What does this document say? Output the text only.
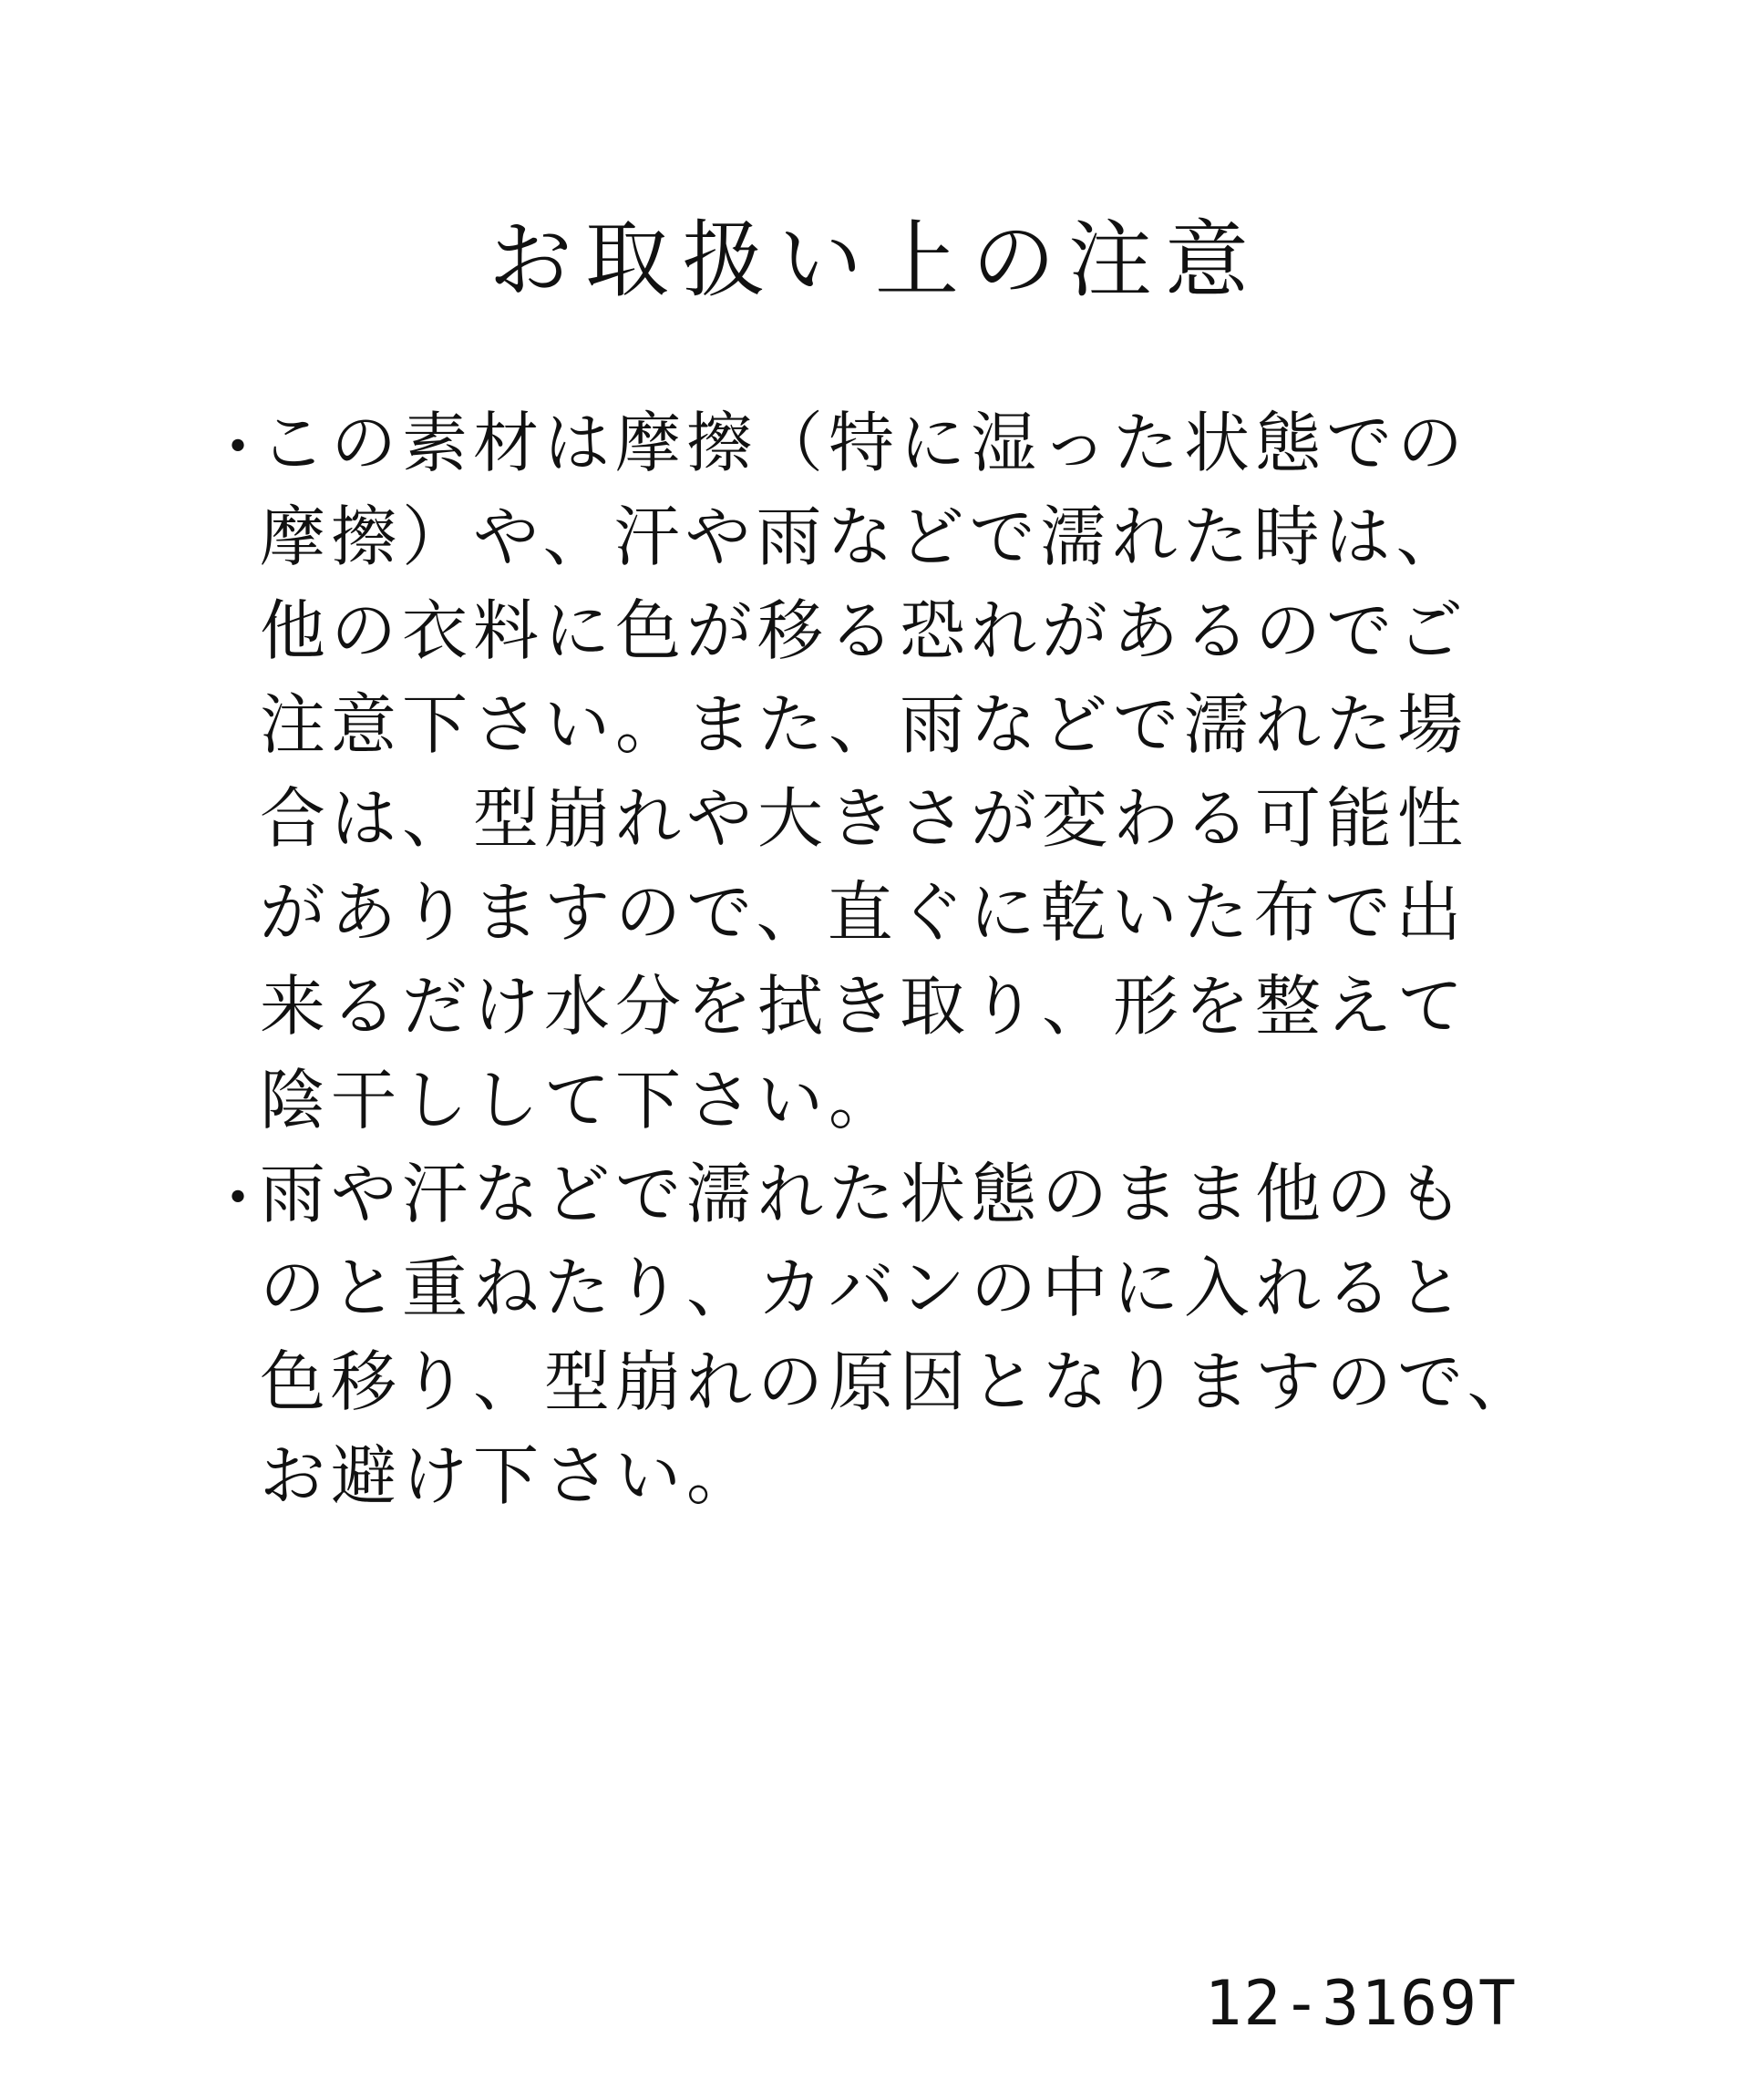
お取扱い上の注意
・
この素材は摩擦（特に湿った状態での
摩擦）や、汗や雨などで濡れた時は、
他の衣料に色が移る恐れがあるのでご
注意下さい。また、雨などで濡れた場
合は、型崩れや大きさが変わる可能性
がありますので、直ぐに乾いた布で出
来るだけ水分を拭き取り、形を整えて
陰干しして下さい。
・
雨や汗などで濡れた状態のまま他のも
のと重ねたり、カバンの中に入れると
色移り、型崩れの原因となりますので、
お避け下さい。
12-3169T
